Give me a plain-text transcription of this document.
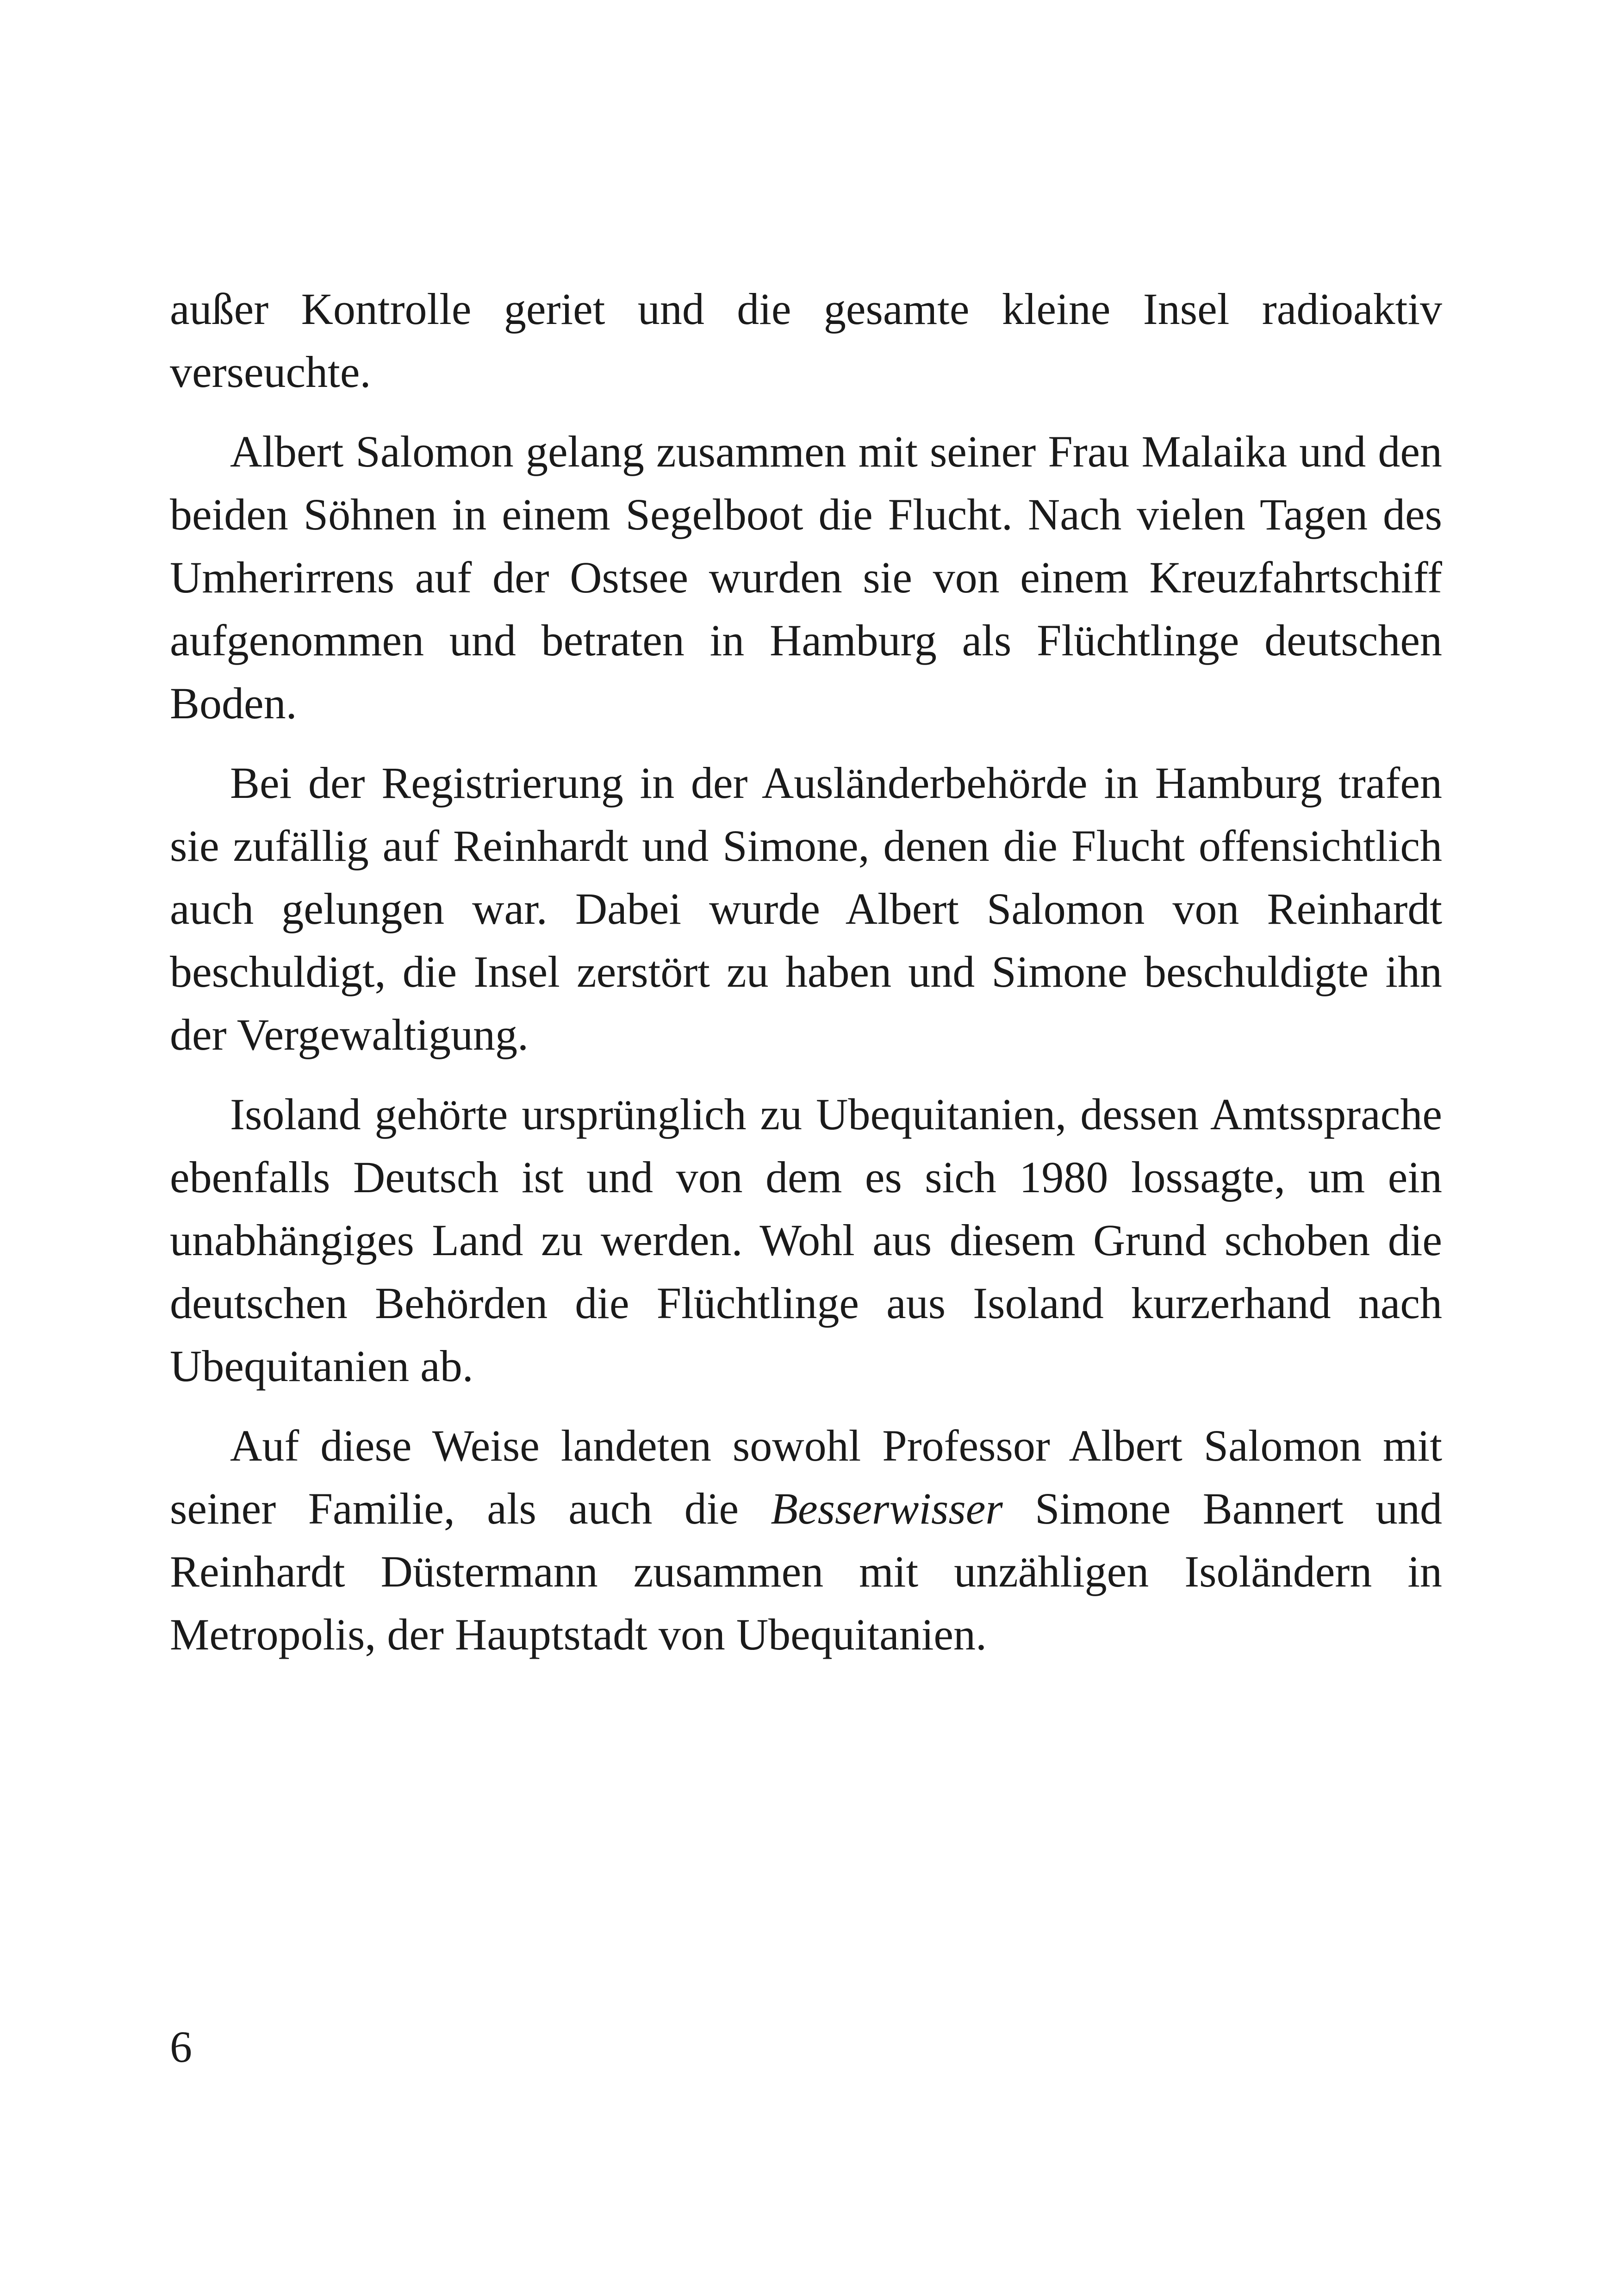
außer Kontrolle geriet und die gesamte kleine Insel radioaktiv verseuchte.

Albert Salomon gelang zusammen mit seiner Frau Malaika und den beiden Söhnen in einem Segelboot die Flucht. Nach vielen Tagen des Umherirrens auf der Ostsee wurden sie von einem Kreuzfahrtschiff aufgenommen und betraten in Hamburg als Flüchtlinge deutschen Boden.

Bei der Registrierung in der Ausländerbehörde in Hamburg trafen sie zufällig auf Reinhardt und Simone, denen die Flucht offensichtlich auch gelungen war. Dabei wurde Albert Salomon von Reinhardt beschuldigt, die Insel zerstört zu haben und Simone beschuldigte ihn der Vergewaltigung.

Isoland gehörte ursprünglich zu Ubequitanien, dessen Amtssprache ebenfalls Deutsch ist und von dem es sich 1980 lossagte, um ein unabhängiges Land zu werden. Wohl aus diesem Grund schoben die deutschen Behörden die Flüchtlinge aus Isoland kurzerhand nach Ubequitanien ab.

Auf diese Weise landeten sowohl Professor Albert Salomon mit seiner Familie, als auch die Besserwisser Simone Bannert und Reinhardt Düstermann zusammen mit unzähligen Isoländern in Metropolis, der Hauptstadt von Ubequitanien.

6
